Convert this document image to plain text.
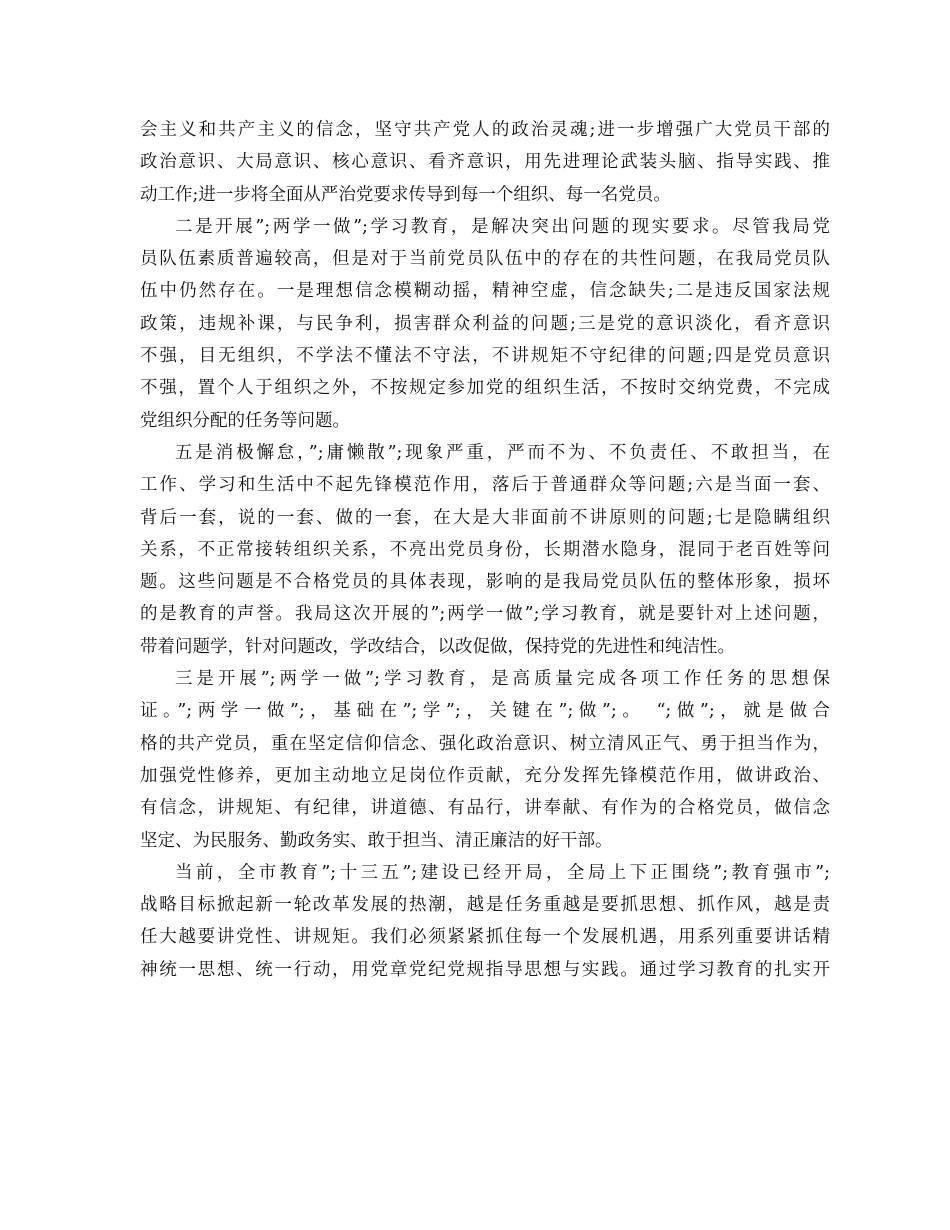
会主义和共产主义的信念，坚守共产党人的政治灵魂;进一步增强广大党员干部的
政治意识、大局意识、核心意识、看齐意识，用先进理论武装头脑、指导实践、推
动工作;进一步将全面从严治党要求传导到每一个组织、每一名党员。
二是开展”;两学一做”;学习教育，是解决突出问题的现实要求。尽管我局党
员队伍素质普遍较高，但是对于当前党员队伍中的存在的共性问题，在我局党员队
伍中仍然存在。一是理想信念模糊动摇，精神空虚，信念缺失;二是违反国家法规
政策，违规补课，与民争利，损害群众利益的问题;三是党的意识淡化，看齐意识
不强，目无组织，不学法不懂法不守法，不讲规矩不守纪律的问题;四是党员意识
不强，置个人于组织之外，不按规定参加党的组织生活，不按时交纳党费，不完成
党组织分配的任务等问题。
五是消极懈怠，”;庸懒散”;现象严重，严而不为、不负责任、不敢担当，在
工作、学习和生活中不起先锋模范作用，落后于普通群众等问题;六是当面一套、
背后一套，说的一套、做的一套，在大是大非面前不讲原则的问题;七是隐瞒组织
关系，不正常接转组织关系，不亮出党员身份，长期潜水隐身，混同于老百姓等问
题。这些问题是不合格党员的具体表现，影响的是我局党员队伍的整体形象，损坏
的是教育的声誉。我局这次开展的”;两学一做”;学习教育，就是要针对上述问题，
带着问题学，针对问题改，学改结合，以改促做，保持党的先进性和纯洁性。
三是开展”;两学一做”;学习教育，是高质量完成各项工作任务的思想保
证。”;两学一做”;，基础在”;学”;，关键在”;做”;。 “;做”;，就是做合
格的共产党员，重在坚定信仰信念、强化政治意识、树立清风正气、勇于担当作为，
加强党性修养，更加主动地立足岗位作贡献，充分发挥先锋模范作用，做讲政治、
有信念，讲规矩、有纪律，讲道德、有品行，讲奉献、有作为的合格党员，做信念
坚定、为民服务、勤政务实、敢于担当、清正廉洁的好干部。
当前，全市教育”;十三五”;建设已经开局，全局上下正围绕”;教育强市”;
战略目标掀起新一轮改革发展的热潮，越是任务重越是要抓思想、抓作风，越是责
任大越要讲党性、讲规矩。我们必须紧紧抓住每一个发展机遇，用系列重要讲话精
神统一思想、统一行动，用党章党纪党规指导思想与实践。通过学习教育的扎实开
